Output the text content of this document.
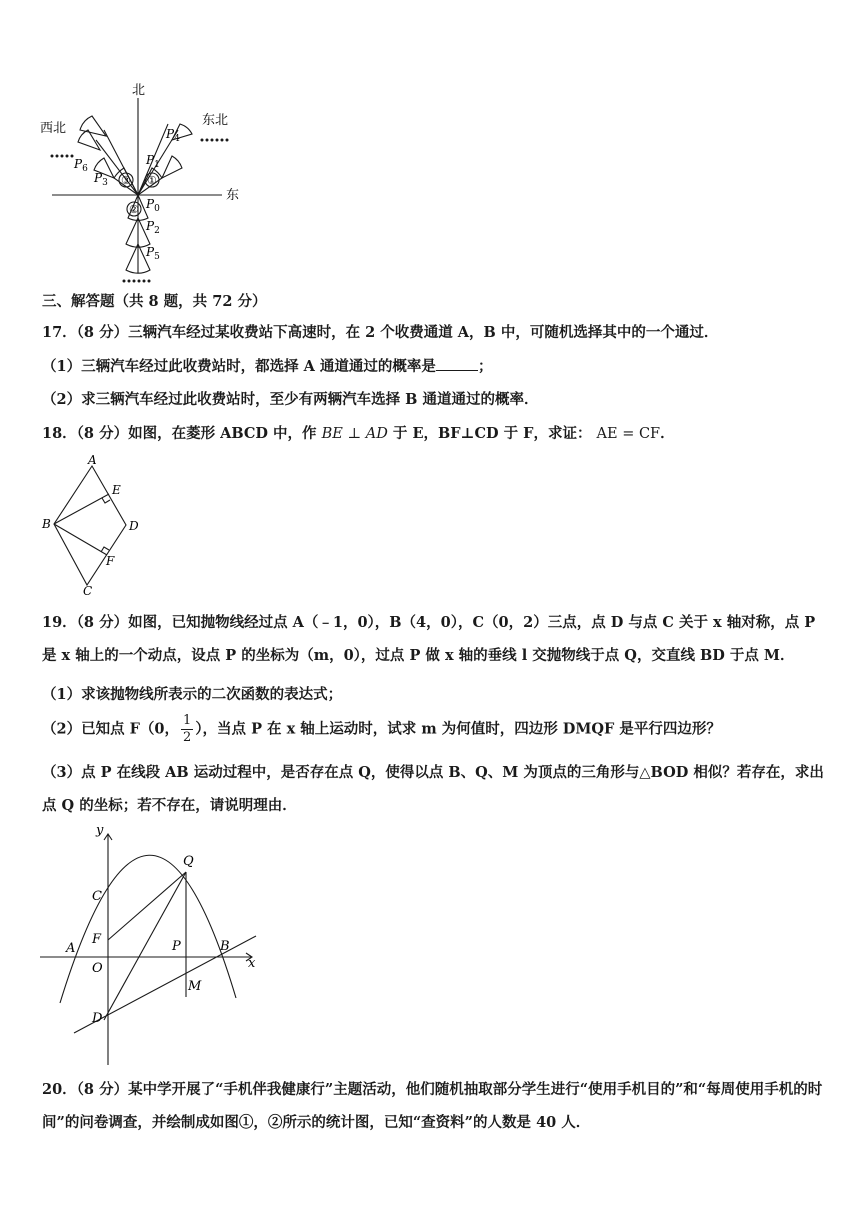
北
东
西北
东北
$P_1$
$P_4$
$P_6$
$P_3$
$P_0$
$P_2$
$P_5$
①
②
③
三、解答题（共 8 题，共 72 分）
17．（8 分）三辆汽车经过某收费站下高速时，在 2 个收费通道 A，B 中，可随机选择其中的一个通过．
（1）三辆汽车经过此收费站时，都选择 A 通道通过的概率是	；
（2）求三辆汽车经过此收费站时，至少有两辆汽车选择 B 通道通过的概率．
18．（8 分）如图，在菱形 ABCD 中，作 BE ⊥ AD 于 E，BF⊥CD 于 F，求证： AE = CF．
A
B
C
D
E
F
19．（8 分）如图，已知抛物线经过点 A（﹣1，0），B（4，0），C（0，2）三点，点 D 与点 C 关于 x 轴对称，点 P 是 x 轴上的一个动点，设点 P 的坐标为（m，0），过点 P 做 x 轴的垂线 l 交抛物线于点 Q，交直线 BD 于点 M．
（1）求该抛物线所表示的二次函数的表达式；
（2）已知点 F（0， $\frac{1}{2}$ ），当点 P 在 x 轴上运动时，试求 m 为何值时，四边形 DMQF 是平行四边形？
（3）点 P 在线段 AB 运动过程中，是否存在点 Q，使得以点 B、Q、M 为顶点的三角形与△BOD 相似？若存在，求出点 Q 的坐标；若不存在，请说明理由．
y
x
C
Q
A
F
O
P	B
M
D
20．（8 分）某中学开展了“手机伴我健康行”主题活动，他们随机抽取部分学生进行“使用手机目的”和“每周使用手机的时间”的问卷调查，并绘制成如图①，②所示的统计图，已知“查资料”的人数是 40 人．
